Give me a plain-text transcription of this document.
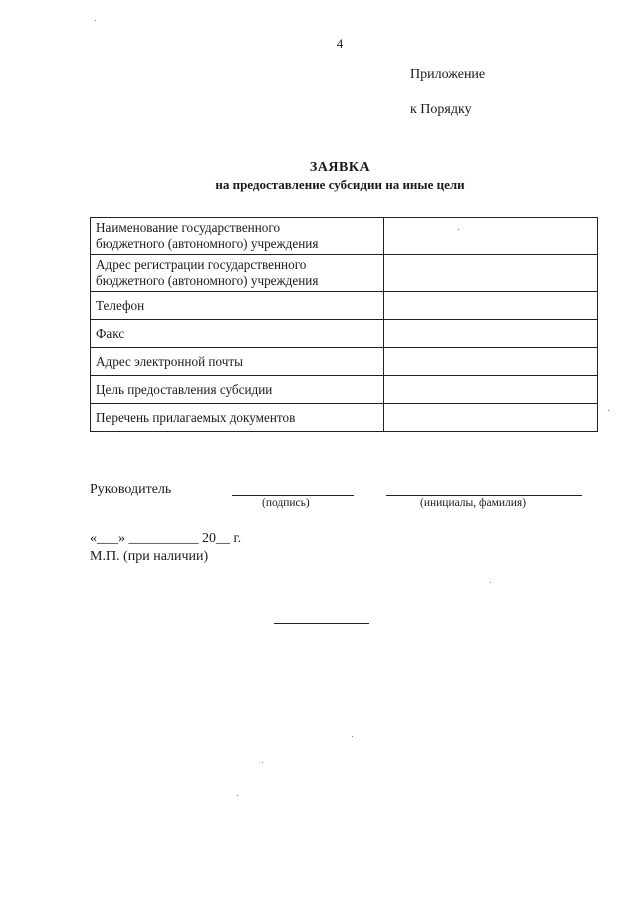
4
Приложение
к Порядку
ЗАЯВКА
на предоставление субсидии на иные цели
Наименование государственного
бюджетного (автономного) учреждения	

Адрес регистрации государственного
бюджетного (автономного) учреждения	

Телефон	
Факс	
Адрес электронной почты	
Цель предоставления субсидии	
Перечень прилагаемых документов	
Руководитель
(подпись)	(инициалы, фамилия)
«___» __________ 20__ г.
М.П. (при наличии)
